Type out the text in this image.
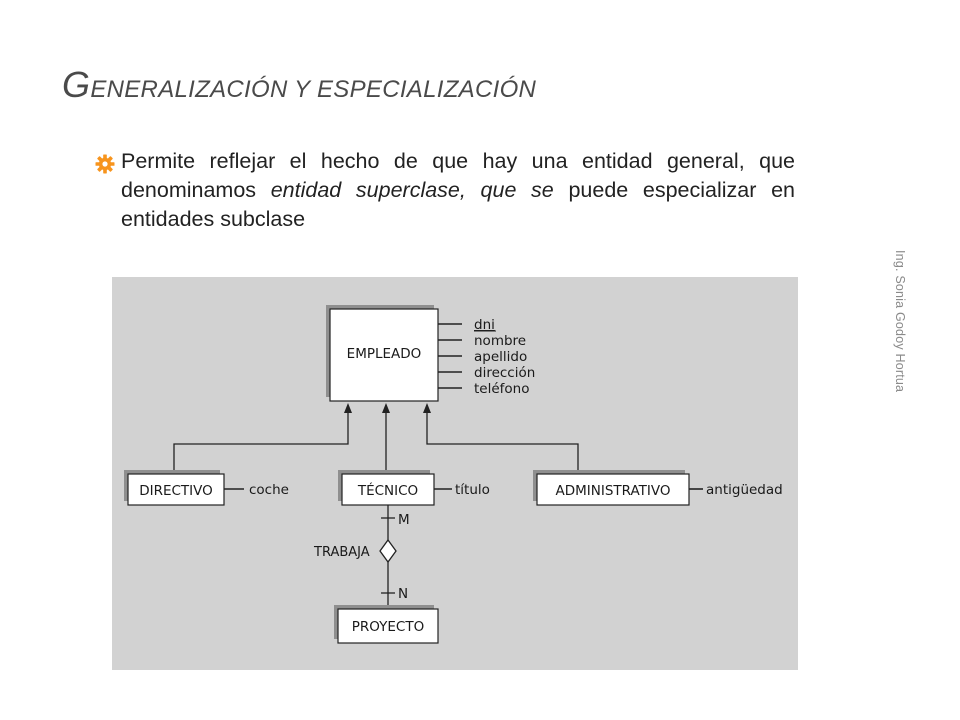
GENERALIZACIÓN Y ESPECIALIZACIÓN

Permite reflejar el hecho de que hay una entidad general, que denominamos entidad superclase, que se puede especializar en entidades subclase

Ing. Sonia Godoy Hortua
EMPLEADO
dni
nombre
apellido
dirección
teléfono
DIRECTIVO	coche	TÉCNICO	título	ADMINISTRATIVO	antigüedad
TRABAJA
M
N
PROYECTO
